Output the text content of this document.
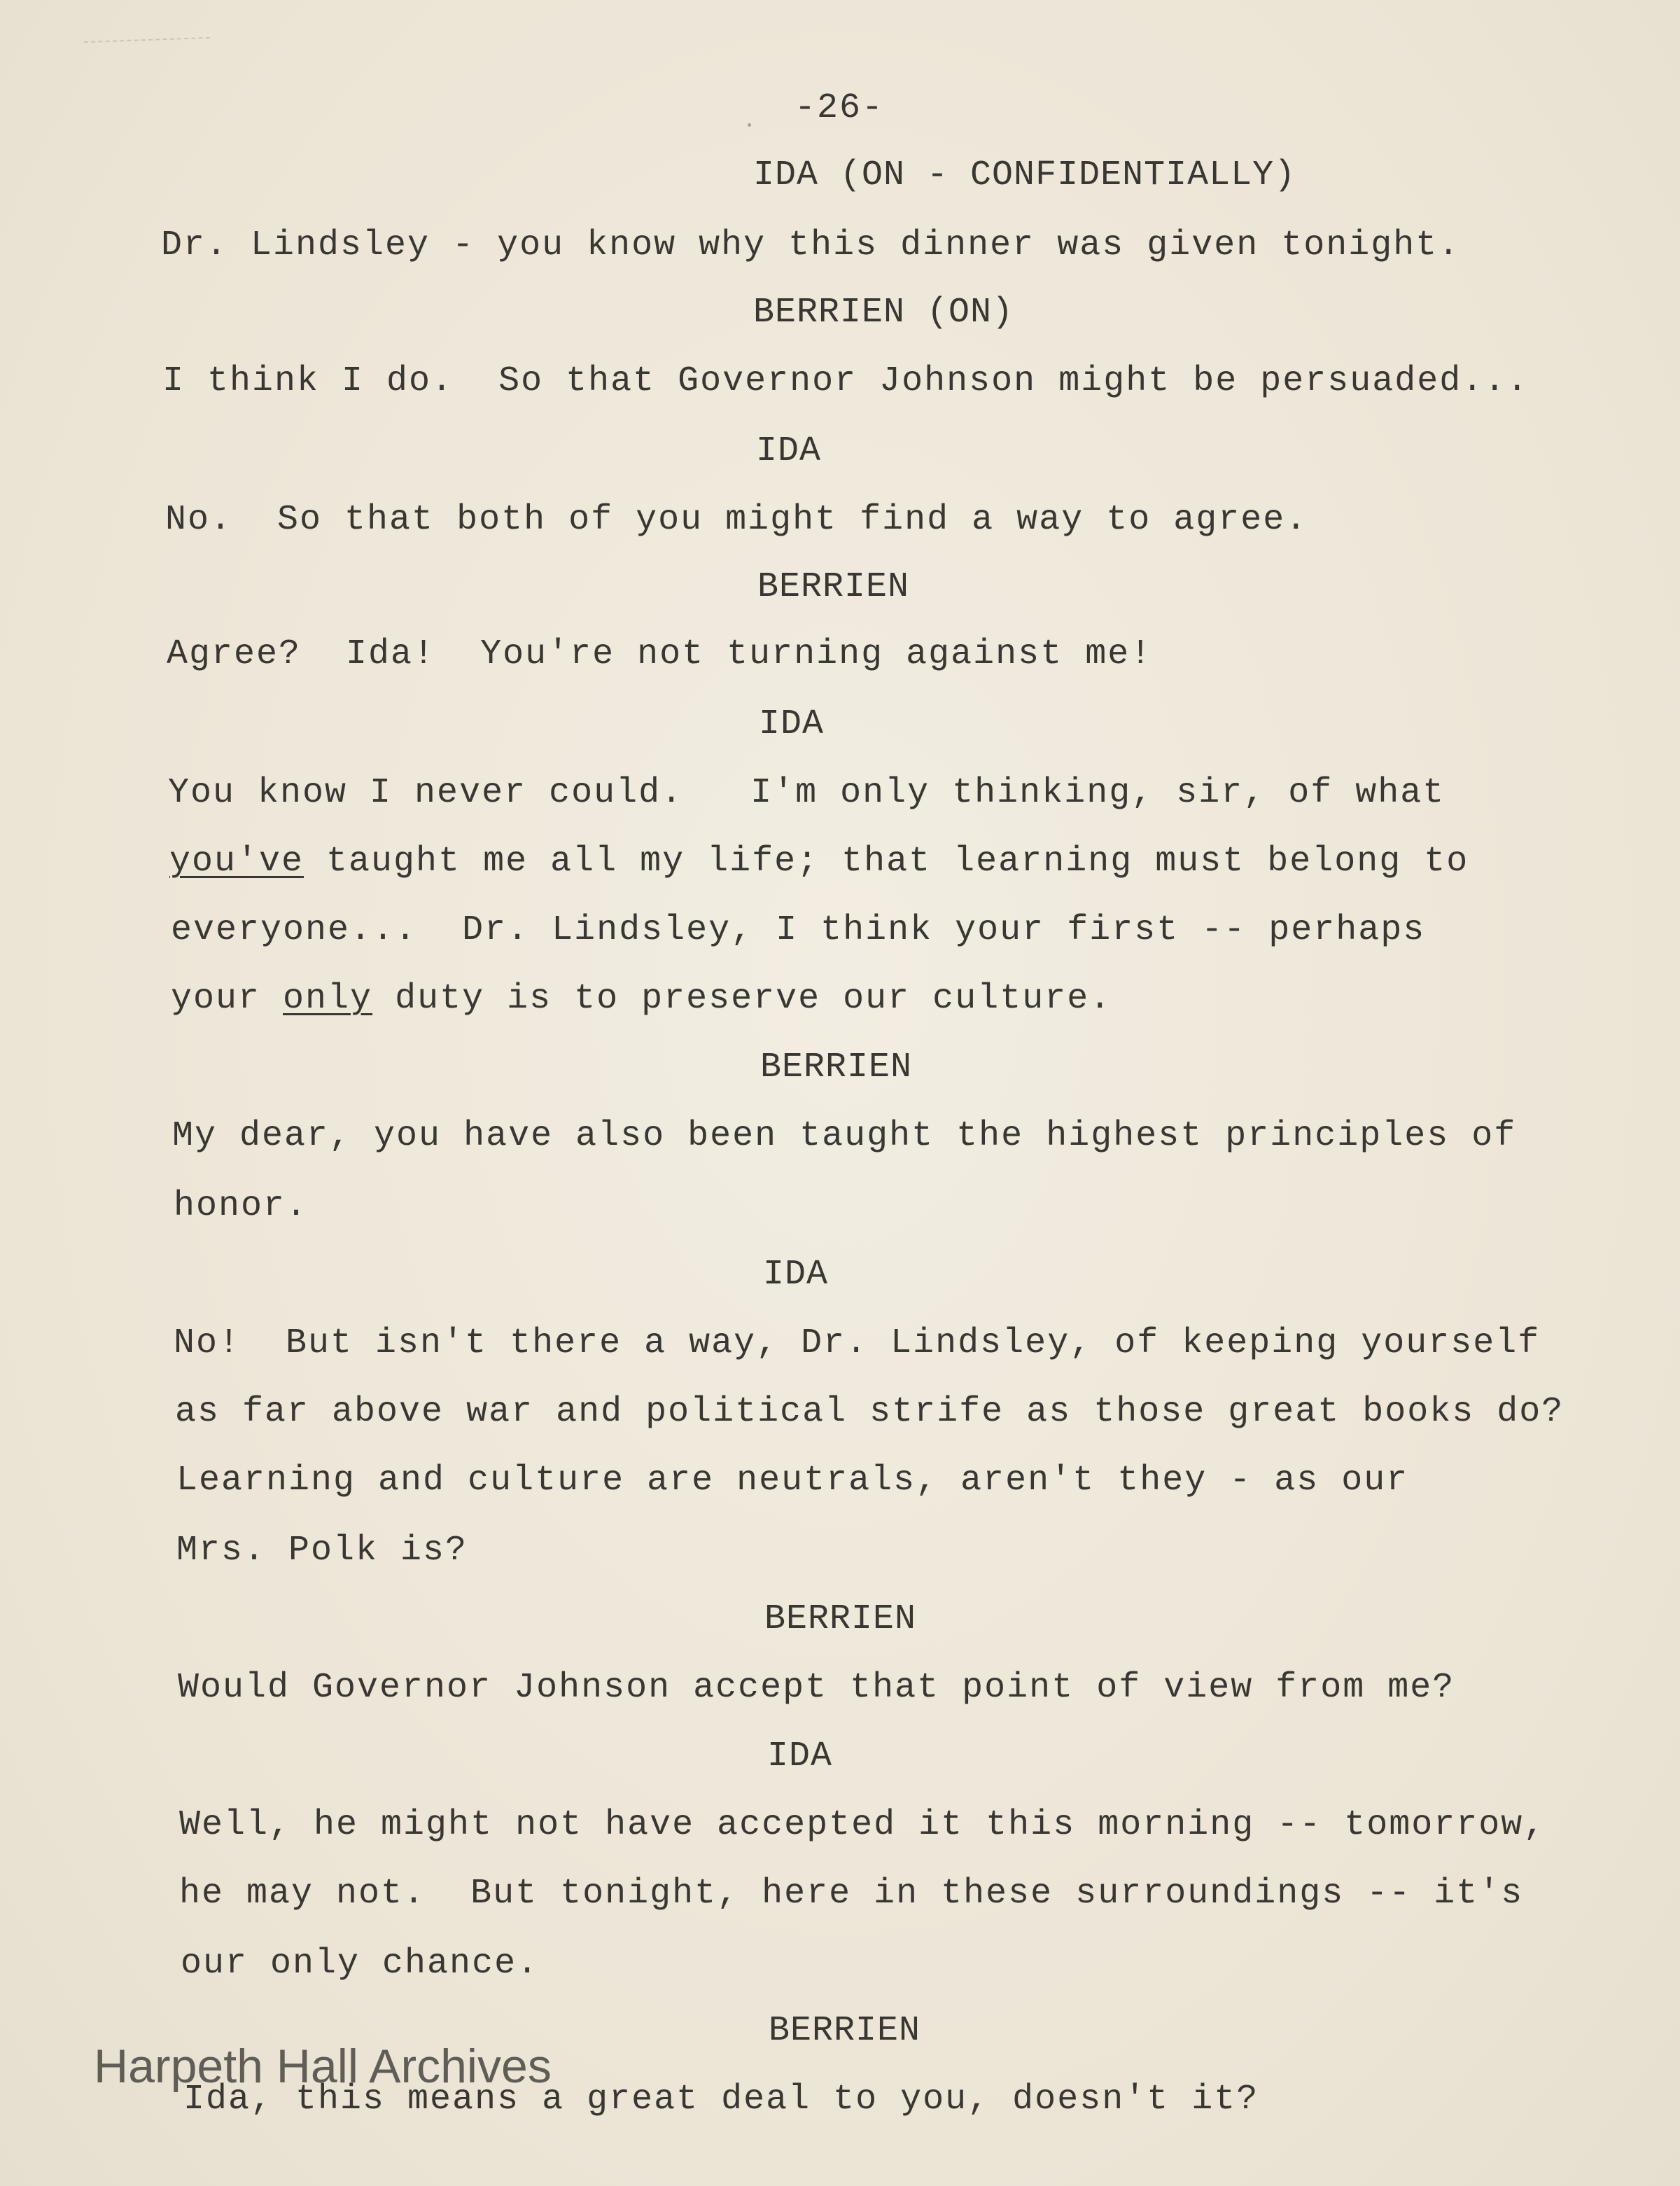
-26-
IDA (ON - CONFIDENTIALLY)
Dr. Lindsley - you know why this dinner was given tonight.
BERRIEN (ON)
I think I do.  So that Governor Johnson might be persuaded...
IDA
No.  So that both of you might find a way to agree.
BERRIEN
Agree?  Ida!  You're not turning against me!
IDA
You know I never could.   I'm only thinking, sir, of what
you've taught me all my life; that learning must belong to
everyone...  Dr. Lindsley, I think your first -- perhaps
your only duty is to preserve our culture.
BERRIEN
My dear, you have also been taught the highest principles of
honor.
IDA
No!  But isn't there a way, Dr. Lindsley, of keeping yourself
as far above war and political strife as those great books do?
Learning and culture are neutrals, aren't they - as our
Mrs. Polk is?
BERRIEN
Would Governor Johnson accept that point of view from me?
IDA
Well, he might not have accepted it this morning -- tomorrow,
he may not.  But tonight, here in these surroundings -- it's
our only chance.
BERRIEN
Ida, this means a great deal to you, doesn't it?
Harpeth Hall Archives
